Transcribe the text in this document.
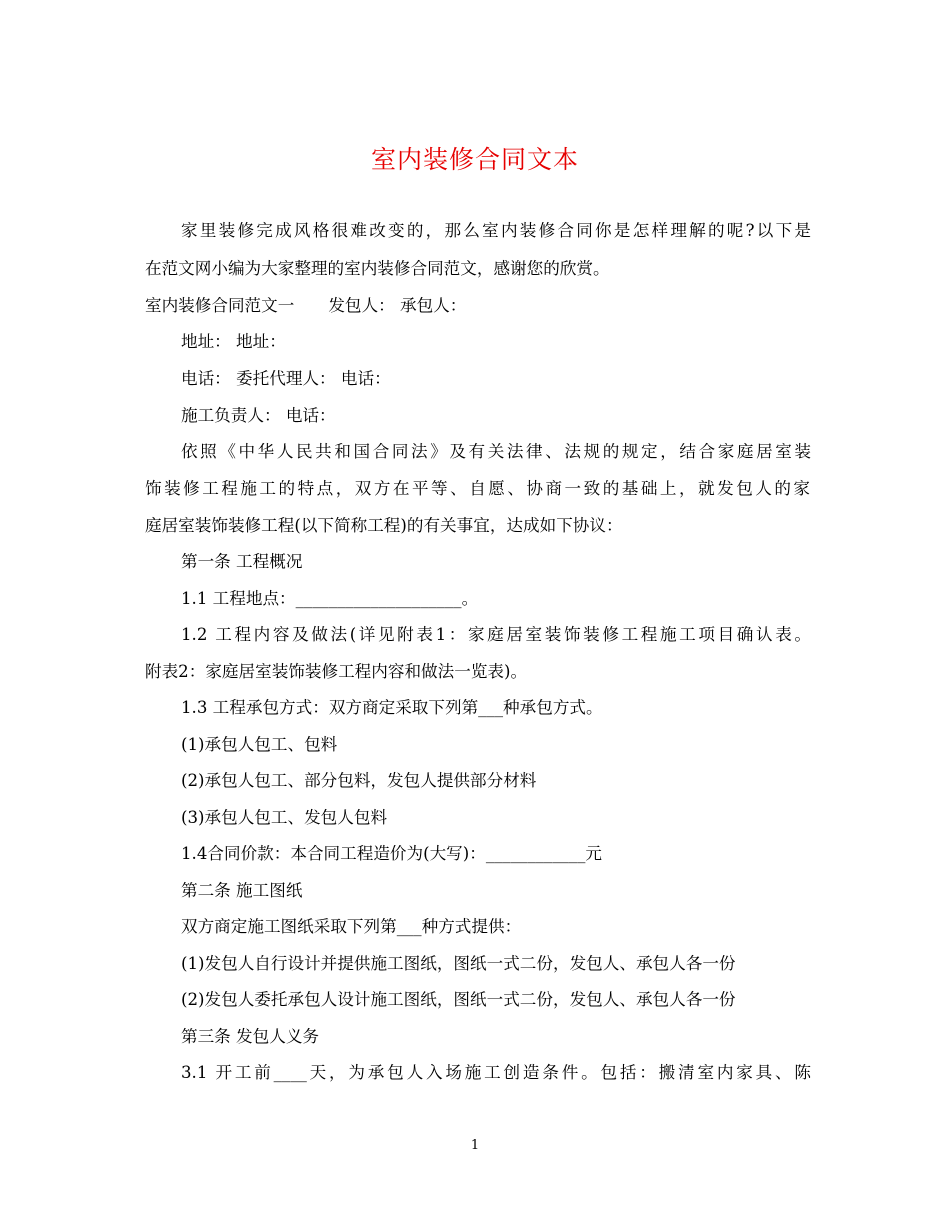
室内装修合同文本
家里装修完成风格很难改变的，那么室内装修合同你是怎样理解的呢?以下是
在范文网小编为大家整理的室内装修合同范文，感谢您的欣赏。
室内装修合同范文一 发包人： 承包人：
地址： 地址：
电话： 委托代理人： 电话：
施工负责人： 电话：
依照《中华人民共和国合同法》及有关法律、法规的规定，结合家庭居室装
饰装修工程施工的特点，双方在平等、自愿、协商一致的基础上，就发包人的家
庭居室装饰装修工程(以下简称工程)的有关事宜，达成如下协议：
第一条 工程概况
1.1 工程地点：____________________。
1.2 工程内容及做法(详见附表1：家庭居室装饰装修工程施工项目确认表。
附表2：家庭居室装饰装修工程内容和做法一览表)。
1.3 工程承包方式：双方商定采取下列第___种承包方式。
(1)承包人包工、包料
(2)承包人包工、部分包料，发包人提供部分材料
(3)承包人包工、发包人包料
1.4合同价款：本合同工程造价为(大写)：____________元
第二条 施工图纸
双方商定施工图纸采取下列第___种方式提供：
(1)发包人自行设计并提供施工图纸，图纸一式二份，发包人、承包人各一份
(2)发包人委托承包人设计施工图纸，图纸一式二份，发包人、承包人各一份
第三条 发包人义务
3.1 开工前____天，为承包人入场施工创造条件。包括：搬清室内家具、陈
1
